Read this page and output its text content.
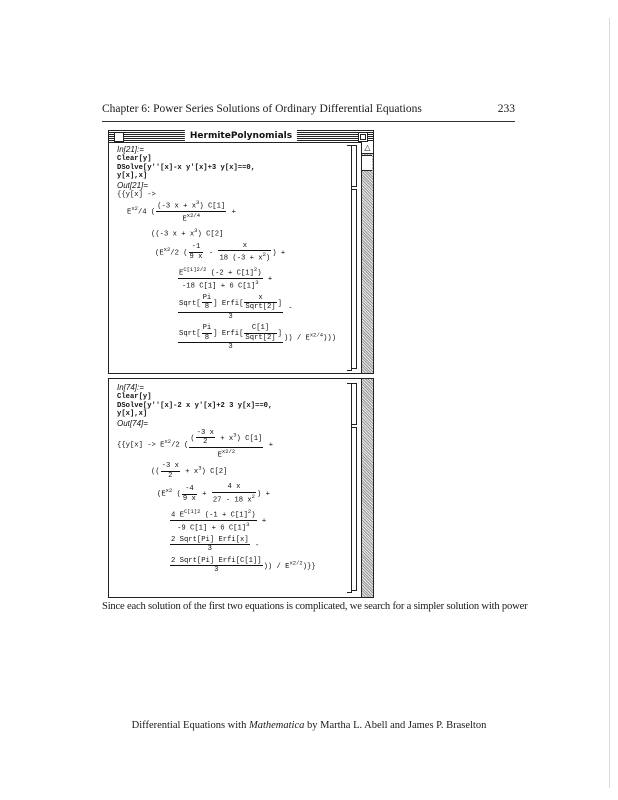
Chapter 6: Power Series Solutions of Ordinary Differential Equations	233
HermitePolynomials
△
In[21]:=
Clear[y]
DSolve[y''[x]-x y'[x]+3 y[x]==0,
y[x],x]
Out[21]=
{{y[x] ->
$E^{x2}/4$ ( $\frac{(-3 x + x^3) C[1]}{E^{x2/4}}$ +
((-3 $x + x^3$) C[2]
($E^{x2}/2$ ( $\frac{-1}{9 x} - \frac{x}{18 (-3 + x^2)}$ ) +
$\frac{E^{C[1]2/2} (-2 + C[1]^2)}{-18 C[1] + 6 C[1]^3}$ +
$\frac{Sqrt[ \frac{Pi}{8} ] Erfi[ \frac{x}{\text{Sqrt[2]}} ]}{3}$ -
$\frac{Sqrt[ \frac{Pi}{8} ] Erfi[ \frac{C[1]}{\text{Sqrt[2]}} ]}{3}$ )) / $E^{x2/4}$)))
In[74]:=
Clear[y]
DSolve[y''[x]-2 x y'[x]+2 3 y[x]==0,
y[x],x]
Out[74]=
{{$y[x] -> E^{x2}/2$ ( $\frac{( \frac{-3 x}{2} + x^3) C[1]}{E^{x2/2}}$ +
(( $\frac{-3 x}{2} + x^3$) C[2]
($E^{x2}$ ( $\frac{-4}{9 x} + \frac{4 x}{27 - 18 x^2}$ ) +
$\frac{4 E^{C[1]2} (-1 + C[1]^2)}{-9 C[1] + 6 C[1]^3}$ +
$\frac{\text{2 Sqrt[Pi] Erfi[x]}}{3}$ -
$\frac{\text{2 Sqrt[Pi] Erfi[C[1]]}}{3}$ )) / $E^{x2/2}$)}}
Since each solution of the first two equations is complicated, we search for a simpler solution with power
Differential Equations with Mathematica by Martha L. Abell and James P. Braselton
